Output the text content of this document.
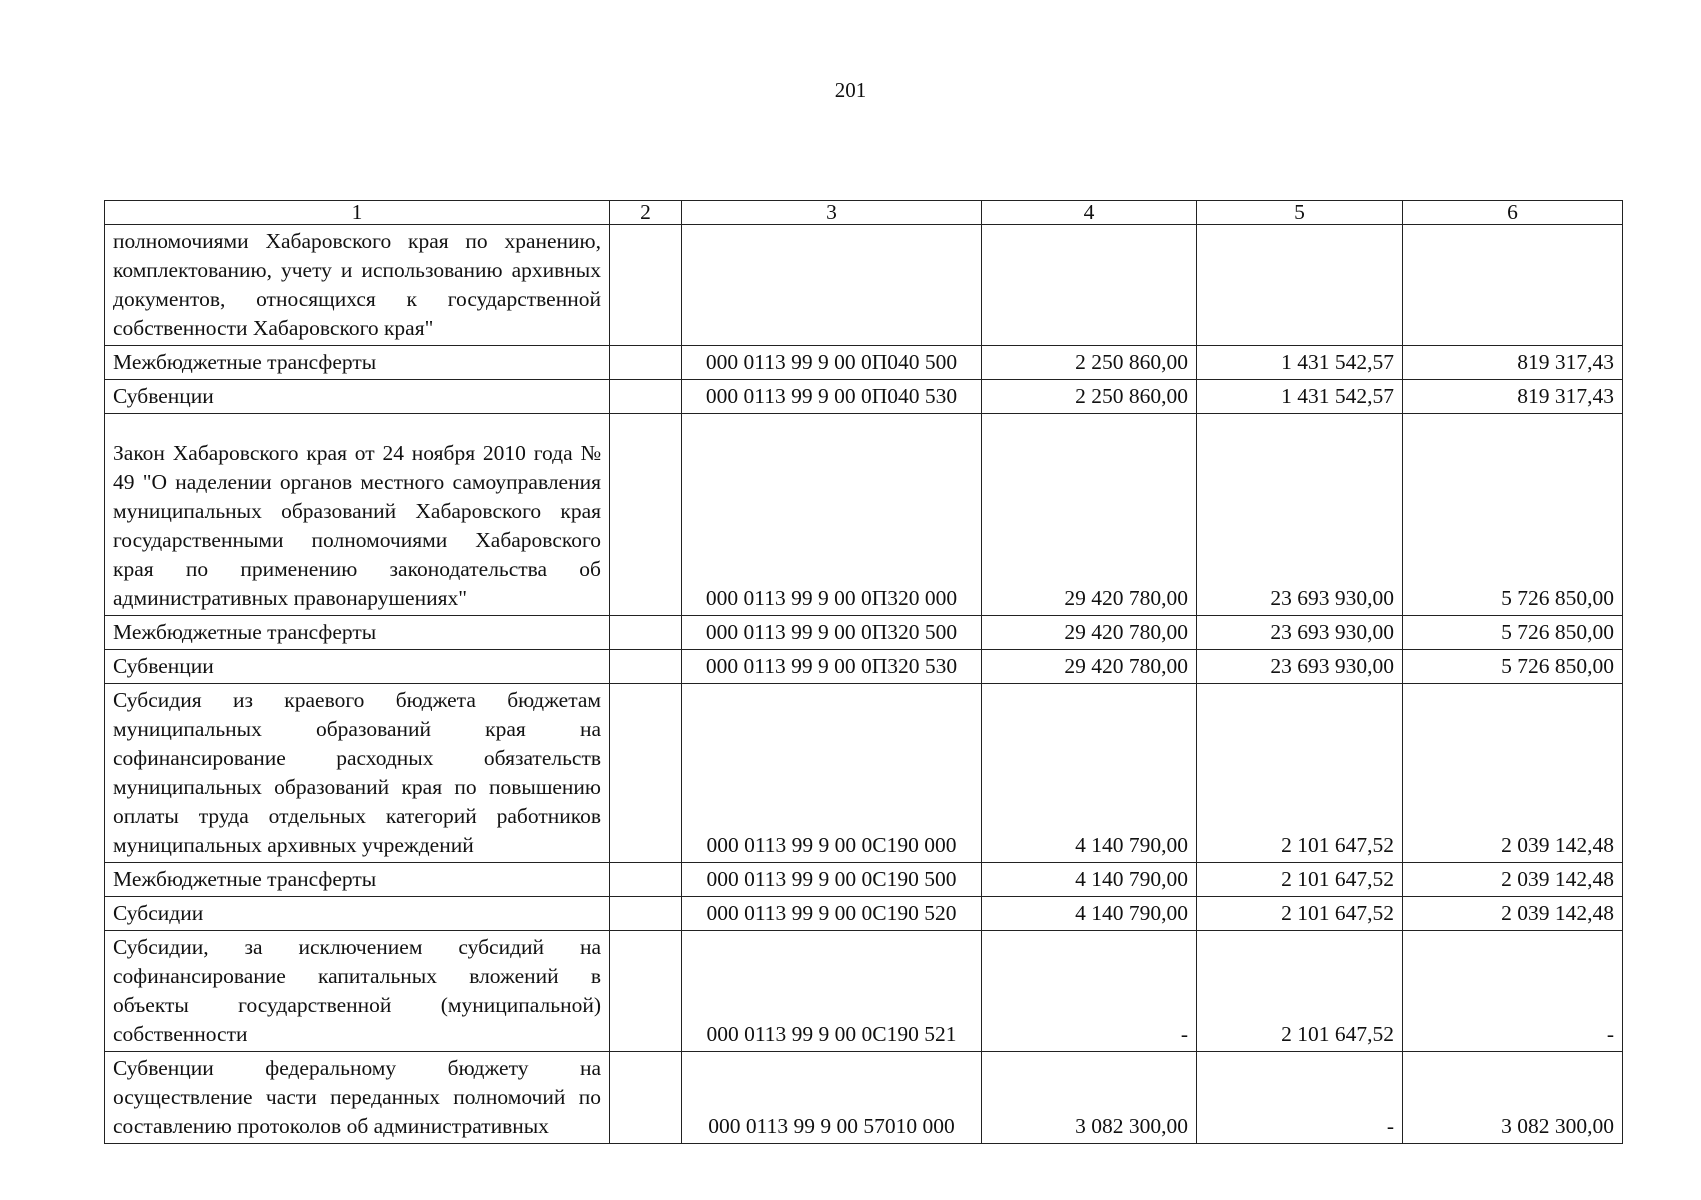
201
1	2	3	4	5	6
полномочиями Хабаровского края по хранению, комплектованию, учету и использованию архивных документов, относящихся к государственной собственности Хабаровского края"					
Межбюджетные трансферты		000 0113 99 9 00 0П040 500	2 250 860,00	1 431 542,57	819 317,43
Субвенции		000 0113 99 9 00 0П040 530	2 250 860,00	1 431 542,57	819 317,43
Закон Хабаровского края от 24 ноября 2010 года № 49 "О наделении органов местного самоуправления муниципальных образований Хабаровского края государственными полномочиями Хабаровского края по применению законодательства об административных правонарушениях"		000 0113 99 9 00 0П320 000	29 420 780,00	23 693 930,00	5 726 850,00
Межбюджетные трансферты		000 0113 99 9 00 0П320 500	29 420 780,00	23 693 930,00	5 726 850,00
Субвенции		000 0113 99 9 00 0П320 530	29 420 780,00	23 693 930,00	5 726 850,00
Субсидия из краевого бюджета бюджетам муниципальных образований края на софинансирование расходных обязательств муниципальных образований края по повышению оплаты труда отдельных категорий работников муниципальных архивных учреждений		000 0113 99 9 00 0С190 000	4 140 790,00	2 101 647,52	2 039 142,48
Межбюджетные трансферты		000 0113 99 9 00 0С190 500	4 140 790,00	2 101 647,52	2 039 142,48
Субсидии		000 0113 99 9 00 0С190 520	4 140 790,00	2 101 647,52	2 039 142,48
Субсидии, за исключением субсидий на софинансирование капитальных вложений в объекты государственной (муниципальной) собственности		000 0113 99 9 00 0С190 521	-	2 101 647,52	-
Субвенции федеральному бюджету на осуществление части переданных полномочий по составлению протоколов об административных		000 0113 99 9 00 57010 000	3 082 300,00	-	3 082 300,00
